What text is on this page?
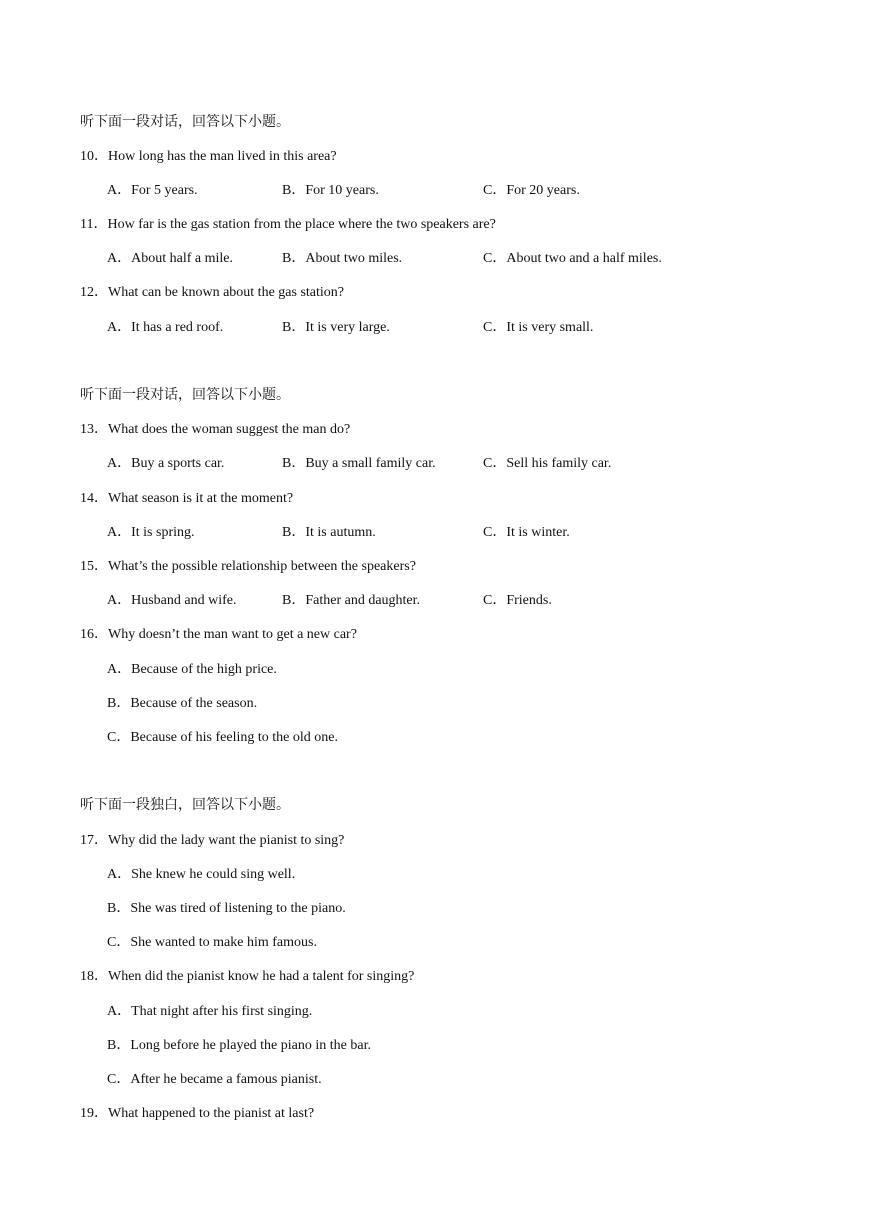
听下面一段对话，回答以下小题。
10．How long has the man lived in this area?
A．For 5 years.	B．For 10 years.	C．For 20 years.
11．How far is the gas station from the place where the two speakers are?
A．About half a mile.	B．About two miles.	C．About two and a half miles.
12．What can be known about the gas station?
A．It has a red roof.	B．It is very large.	C．It is very small.
听下面一段对话，回答以下小题。
13．What does the woman suggest the man do?
A．Buy a sports car.	B．Buy a small family car.	C．Sell his family car.
14．What season is it at the moment?
A．It is spring.	B．It is autumn.	C．It is winter.
15．What’s the possible relationship between the speakers?
A．Husband and wife.	B．Father and daughter.	C．Friends.
16．Why doesn’t the man want to get a new car?
A．Because of the high price.
B．Because of the season.
C．Because of his feeling to the old one.
听下面一段独白，回答以下小题。
17．Why did the lady want the pianist to sing?
A．She knew he could sing well.
B．She was tired of listening to the piano.
C．She wanted to make him famous.
18．When did the pianist know he had a talent for singing?
A．That night after his first singing.
B．Long before he played the piano in the bar.
C．After he became a famous pianist.
19．What happened to the pianist at last?
